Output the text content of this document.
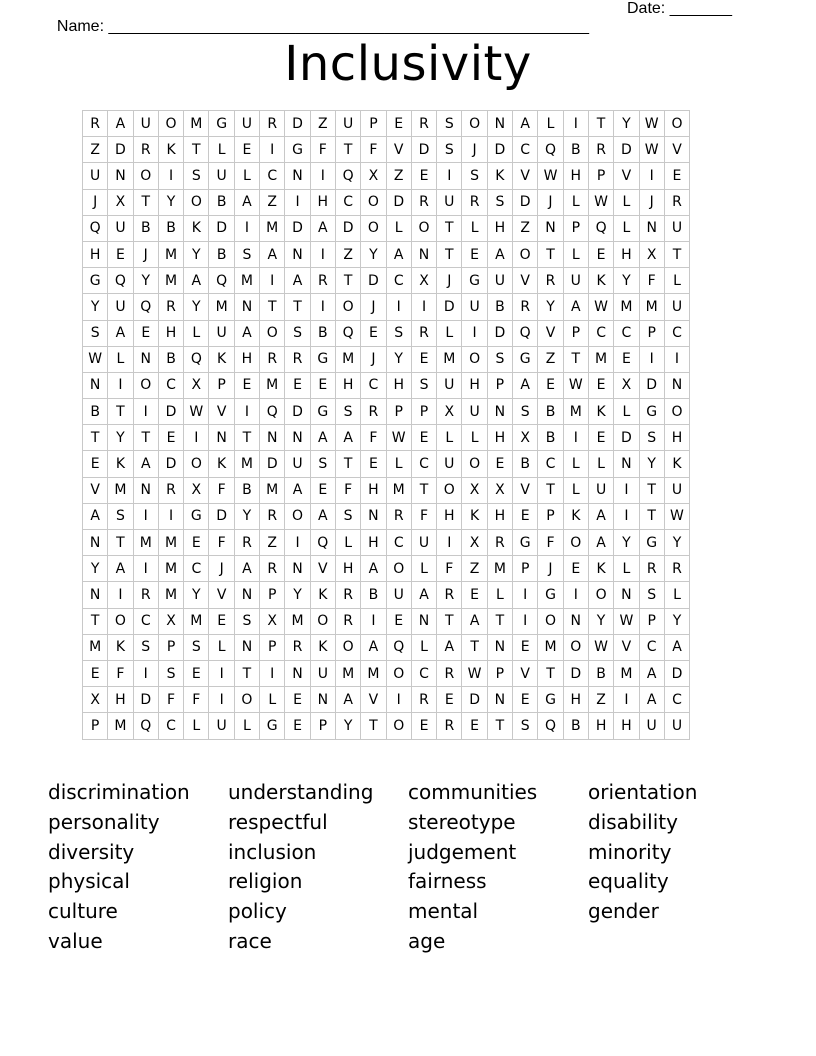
Name: ______________________________________________________

Date: _______

Inclusivity
R	A	U	O	M	G	U	R	D	Z	U	P	E	R	S	O	N	A	L	I	T	Y	W	O
Z	D	R	K	T	L	E	I	G	F	T	F	V	D	S	J	D	C	Q	B	R	D	W	V
U	N	O	I	S	U	L	C	N	I	Q	X	Z	E	I	S	K	V	W	H	P	V	I	E
J	X	T	Y	O	B	A	Z	I	H	C	O	D	R	U	R	S	D	J	L	W	L	J	R
Q	U	B	B	K	D	I	M	D	A	D	O	L	O	T	L	H	Z	N	P	Q	L	N	U
H	E	J	M	Y	B	S	A	N	I	Z	Y	A	N	T	E	A	O	T	L	E	H	X	T
G	Q	Y	M	A	Q	M	I	A	R	T	D	C	X	J	G	U	V	R	U	K	Y	F	L
Y	U	Q	R	Y	M	N	T	T	I	O	J	I	I	D	U	B	R	Y	A	W	M	M	U
S	A	E	H	L	U	A	O	S	B	Q	E	S	R	L	I	D	Q	V	P	C	C	P	C
W	L	N	B	Q	K	H	R	R	G	M	J	Y	E	M	O	S	G	Z	T	M	E	I	I
N	I	O	C	X	P	E	M	E	E	H	C	H	S	U	H	P	A	E	W	E	X	D	N
B	T	I	D	W	V	I	Q	D	G	S	R	P	P	X	U	N	S	B	M	K	L	G	O
T	Y	T	E	I	N	T	N	N	A	A	F	W	E	L	L	H	X	B	I	E	D	S	H
E	K	A	D	O	K	M	D	U	S	T	E	L	C	U	O	E	B	C	L	L	N	Y	K
V	M	N	R	X	F	B	M	A	E	F	H	M	T	O	X	X	V	T	L	U	I	T	U
A	S	I	I	G	D	Y	R	O	A	S	N	R	F	H	K	H	E	P	K	A	I	T	W
N	T	M	M	E	F	R	Z	I	Q	L	H	C	U	I	X	R	G	F	O	A	Y	G	Y
Y	A	I	M	C	J	A	R	N	V	H	A	O	L	F	Z	M	P	J	E	K	L	R	R
N	I	R	M	Y	V	N	P	Y	K	R	B	U	A	R	E	L	I	G	I	O	N	S	L
T	O	C	X	M	E	S	X	M	O	R	I	E	N	T	A	T	I	O	N	Y	W	P	Y
M	K	S	P	S	L	N	P	R	K	O	A	Q	L	A	T	N	E	M	O	W	V	C	A
E	F	I	S	E	I	T	I	N	U	M	M	O	C	R	W	P	V	T	D	B	M	A	D
X	H	D	F	F	I	O	L	E	N	A	V	I	R	E	D	N	E	G	H	Z	I	A	C
P	M	Q	C	L	U	L	G	E	P	Y	T	O	E	R	E	T	S	Q	B	H	H	U	U
discrimination	understanding	communities	orientation
personality	respectful	stereotype	disability
diversity	inclusion	judgement	minority
physical	religion	fairness	equality
culture	policy	mental	gender
value	race	age
